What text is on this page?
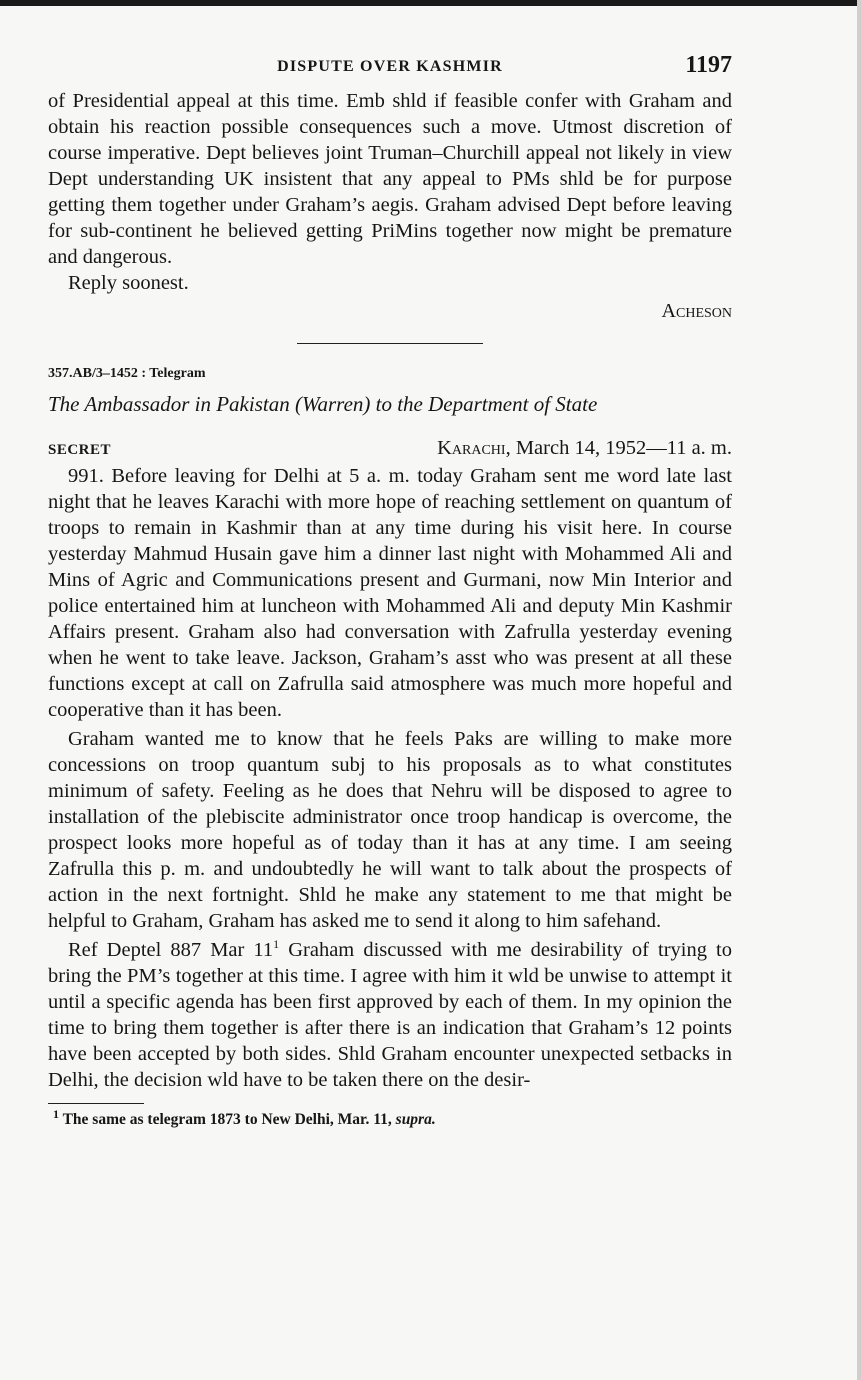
DISPUTE OVER KASHMIR	1197

of Presidential appeal at this time. Emb shld if feasible confer with Graham and obtain his reaction possible consequences such a move. Utmost discretion of course imperative. Dept believes joint Truman–Churchill appeal not likely in view Dept understanding UK insistent that any appeal to PMs shld be for purpose getting them together under Graham’s aegis. Graham advised Dept before leaving for sub-continent he believed getting PriMins together now might be premature and dangerous.

Reply soonest.

Acheson
357.AB/3–1452 : Telegram
The Ambassador in Pakistan (Warren) to the Department of State
SECRET	Karachi, March 14, 1952—11 a. m.

991. Before leaving for Delhi at 5 a. m. today Graham sent me word late last night that he leaves Karachi with more hope of reaching settlement on quantum of troops to remain in Kashmir than at any time during his visit here. In course yesterday Mahmud Husain gave him a dinner last night with Mohammed Ali and Mins of Agric and Communications present and Gurmani, now Min Interior and police entertained him at luncheon with Mohammed Ali and deputy Min Kashmir Affairs present. Graham also had conversation with Zafrulla yesterday evening when he went to take leave. Jackson, Graham’s asst who was present at all these functions except at call on Zafrulla said atmosphere was much more hopeful and cooperative than it has been.

Graham wanted me to know that he feels Paks are willing to make more concessions on troop quantum subj to his proposals as to what constitutes minimum of safety. Feeling as he does that Nehru will be disposed to agree to installation of the plebiscite administrator once troop handicap is overcome, the prospect looks more hopeful as of today than it has at any time. I am seeing Zafrulla this p. m. and undoubtedly he will want to talk about the prospects of action in the next fortnight. Shld he make any statement to me that might be helpful to Graham, Graham has asked me to send it along to him safehand.

Ref Deptel 887 Mar $11^1$ Graham discussed with me desirability of trying to bring the PM’s together at this time. I agree with him it wld be unwise to attempt it until a specific agenda has been first approved by each of them. In my opinion the time to bring them together is after there is an indication that Graham’s 12 points have been accepted by both sides. Shld Graham encounter unexpected setbacks in Delhi, the decision wld have to be taken there on the desir-

$^1$ The same as telegram 1873 to New Delhi, Mar. 11, supra.
